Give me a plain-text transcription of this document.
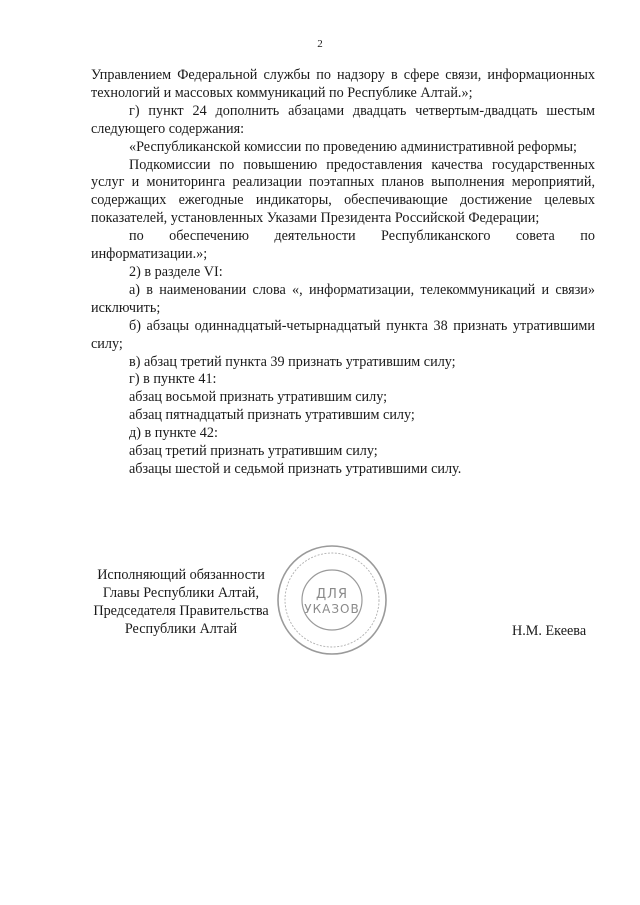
2

Управлением Федеральной службы по надзору в сфере связи, информационных технологий и массовых коммуникаций по Республике Алтай.»;

г) пункт 24 дополнить абзацами двадцать четвертым-двадцать шестым следующего содержания:

«Республиканской комиссии по проведению административной реформы;

Подкомиссии по повышению предоставления качества государственных услуг и мониторинга реализации поэтапных планов выполнения мероприятий, содержащих ежегодные индикаторы, обеспечивающие достижение целевых показателей, установленных Указами Президента Российской Федерации;

по обеспечению деятельности Республиканского совета по информатизации.»;

2) в разделе VI:

а) в наименовании слова «, информатизации, телекоммуникаций и связи» исключить;

б) абзацы одиннадцатый-четырнадцатый пункта 38 признать утратившими силу;

в) абзац третий пункта 39 признать утратившим силу;

г) в пункте 41:

абзац восьмой признать утратившим силу;

абзац пятнадцатый признать утратившим силу;

д) в пункте 42:

абзац третий признать утратившим силу;

абзацы шестой и седьмой признать утратившими силу.

Исполняющий обязанности
Главы Республики Алтай,
Председателя Правительства
Республики Алтай	Н.М. Екеева
ДЛЯ
УКАЗОВ
